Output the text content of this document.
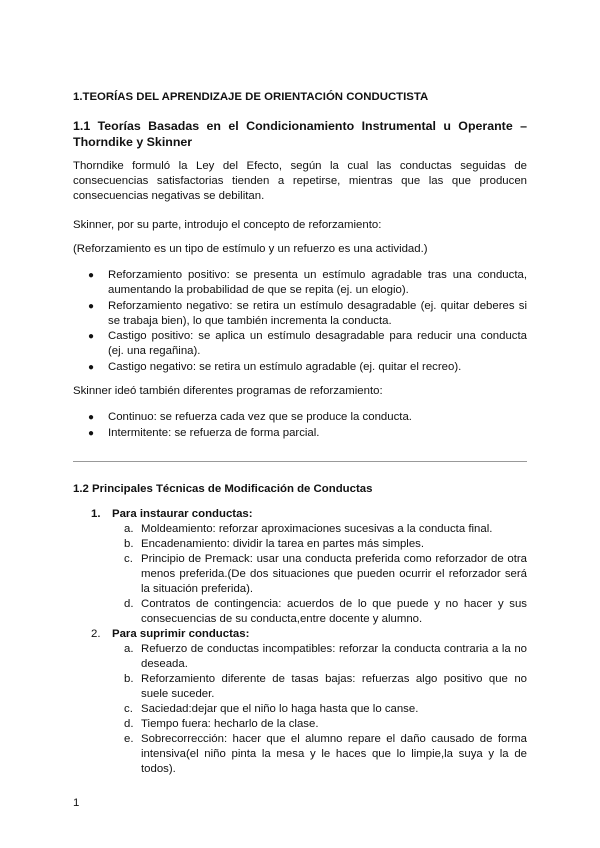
1.TEORÍAS DEL APRENDIZAJE DE ORIENTACIÓN CONDUCTISTA
1.1 Teorías Basadas en el Condicionamiento Instrumental u Operante – Thorndike y Skinner
Thorndike formuló la Ley del Efecto, según la cual las conductas seguidas de consecuencias satisfactorias tienden a repetirse, mientras que las que producen consecuencias negativas se debilitan.
Skinner, por su parte, introdujo el concepto de reforzamiento:
(Reforzamiento es un tipo de estímulo y un refuerzo es una actividad.)
● Reforzamiento positivo: se presenta un estímulo agradable tras una conducta, aumentando la probabilidad de que se repita (ej. un elogio).
● Reforzamiento negativo: se retira un estímulo desagradable (ej. quitar deberes si se trabaja bien), lo que también incrementa la conducta.
● Castigo positivo: se aplica un estímulo desagradable para reducir una conducta (ej. una regañina).
● Castigo negativo: se retira un estímulo agradable (ej. quitar el recreo).
Skinner ideó también diferentes programas de reforzamiento:
● Continuo: se refuerza cada vez que se produce la conducta.
● Intermitente: se refuerza de forma parcial.
1.2 Principales Técnicas de Modificación de Conductas
1. Para instaurar conductas:
a. Moldeamiento: reforzar aproximaciones sucesivas a la conducta final.
b. Encadenamiento: dividir la tarea en partes más simples.
c. Principio de Premack: usar una conducta preferida como reforzador de otra menos preferida.(De dos situaciones que pueden ocurrir el reforzador será la situación preferida).
d. Contratos de contingencia: acuerdos de lo que puede y no hacer y sus consecuencias de su conducta,entre docente y alumno.
2. Para suprimir conductas:
a. Refuerzo de conductas incompatibles: reforzar la conducta contraria a la no deseada.
b. Reforzamiento diferente de tasas bajas: refuerzas algo positivo que no suele suceder.
c. Saciedad:dejar que el niño lo haga hasta que lo canse.
d. Tiempo fuera: hecharlo de la clase.
e. Sobrecorrección: hacer que el alumno repare el daño causado de forma intensiva(el niño pinta la mesa y le haces que lo limpie,la suya y la de todos).
1
